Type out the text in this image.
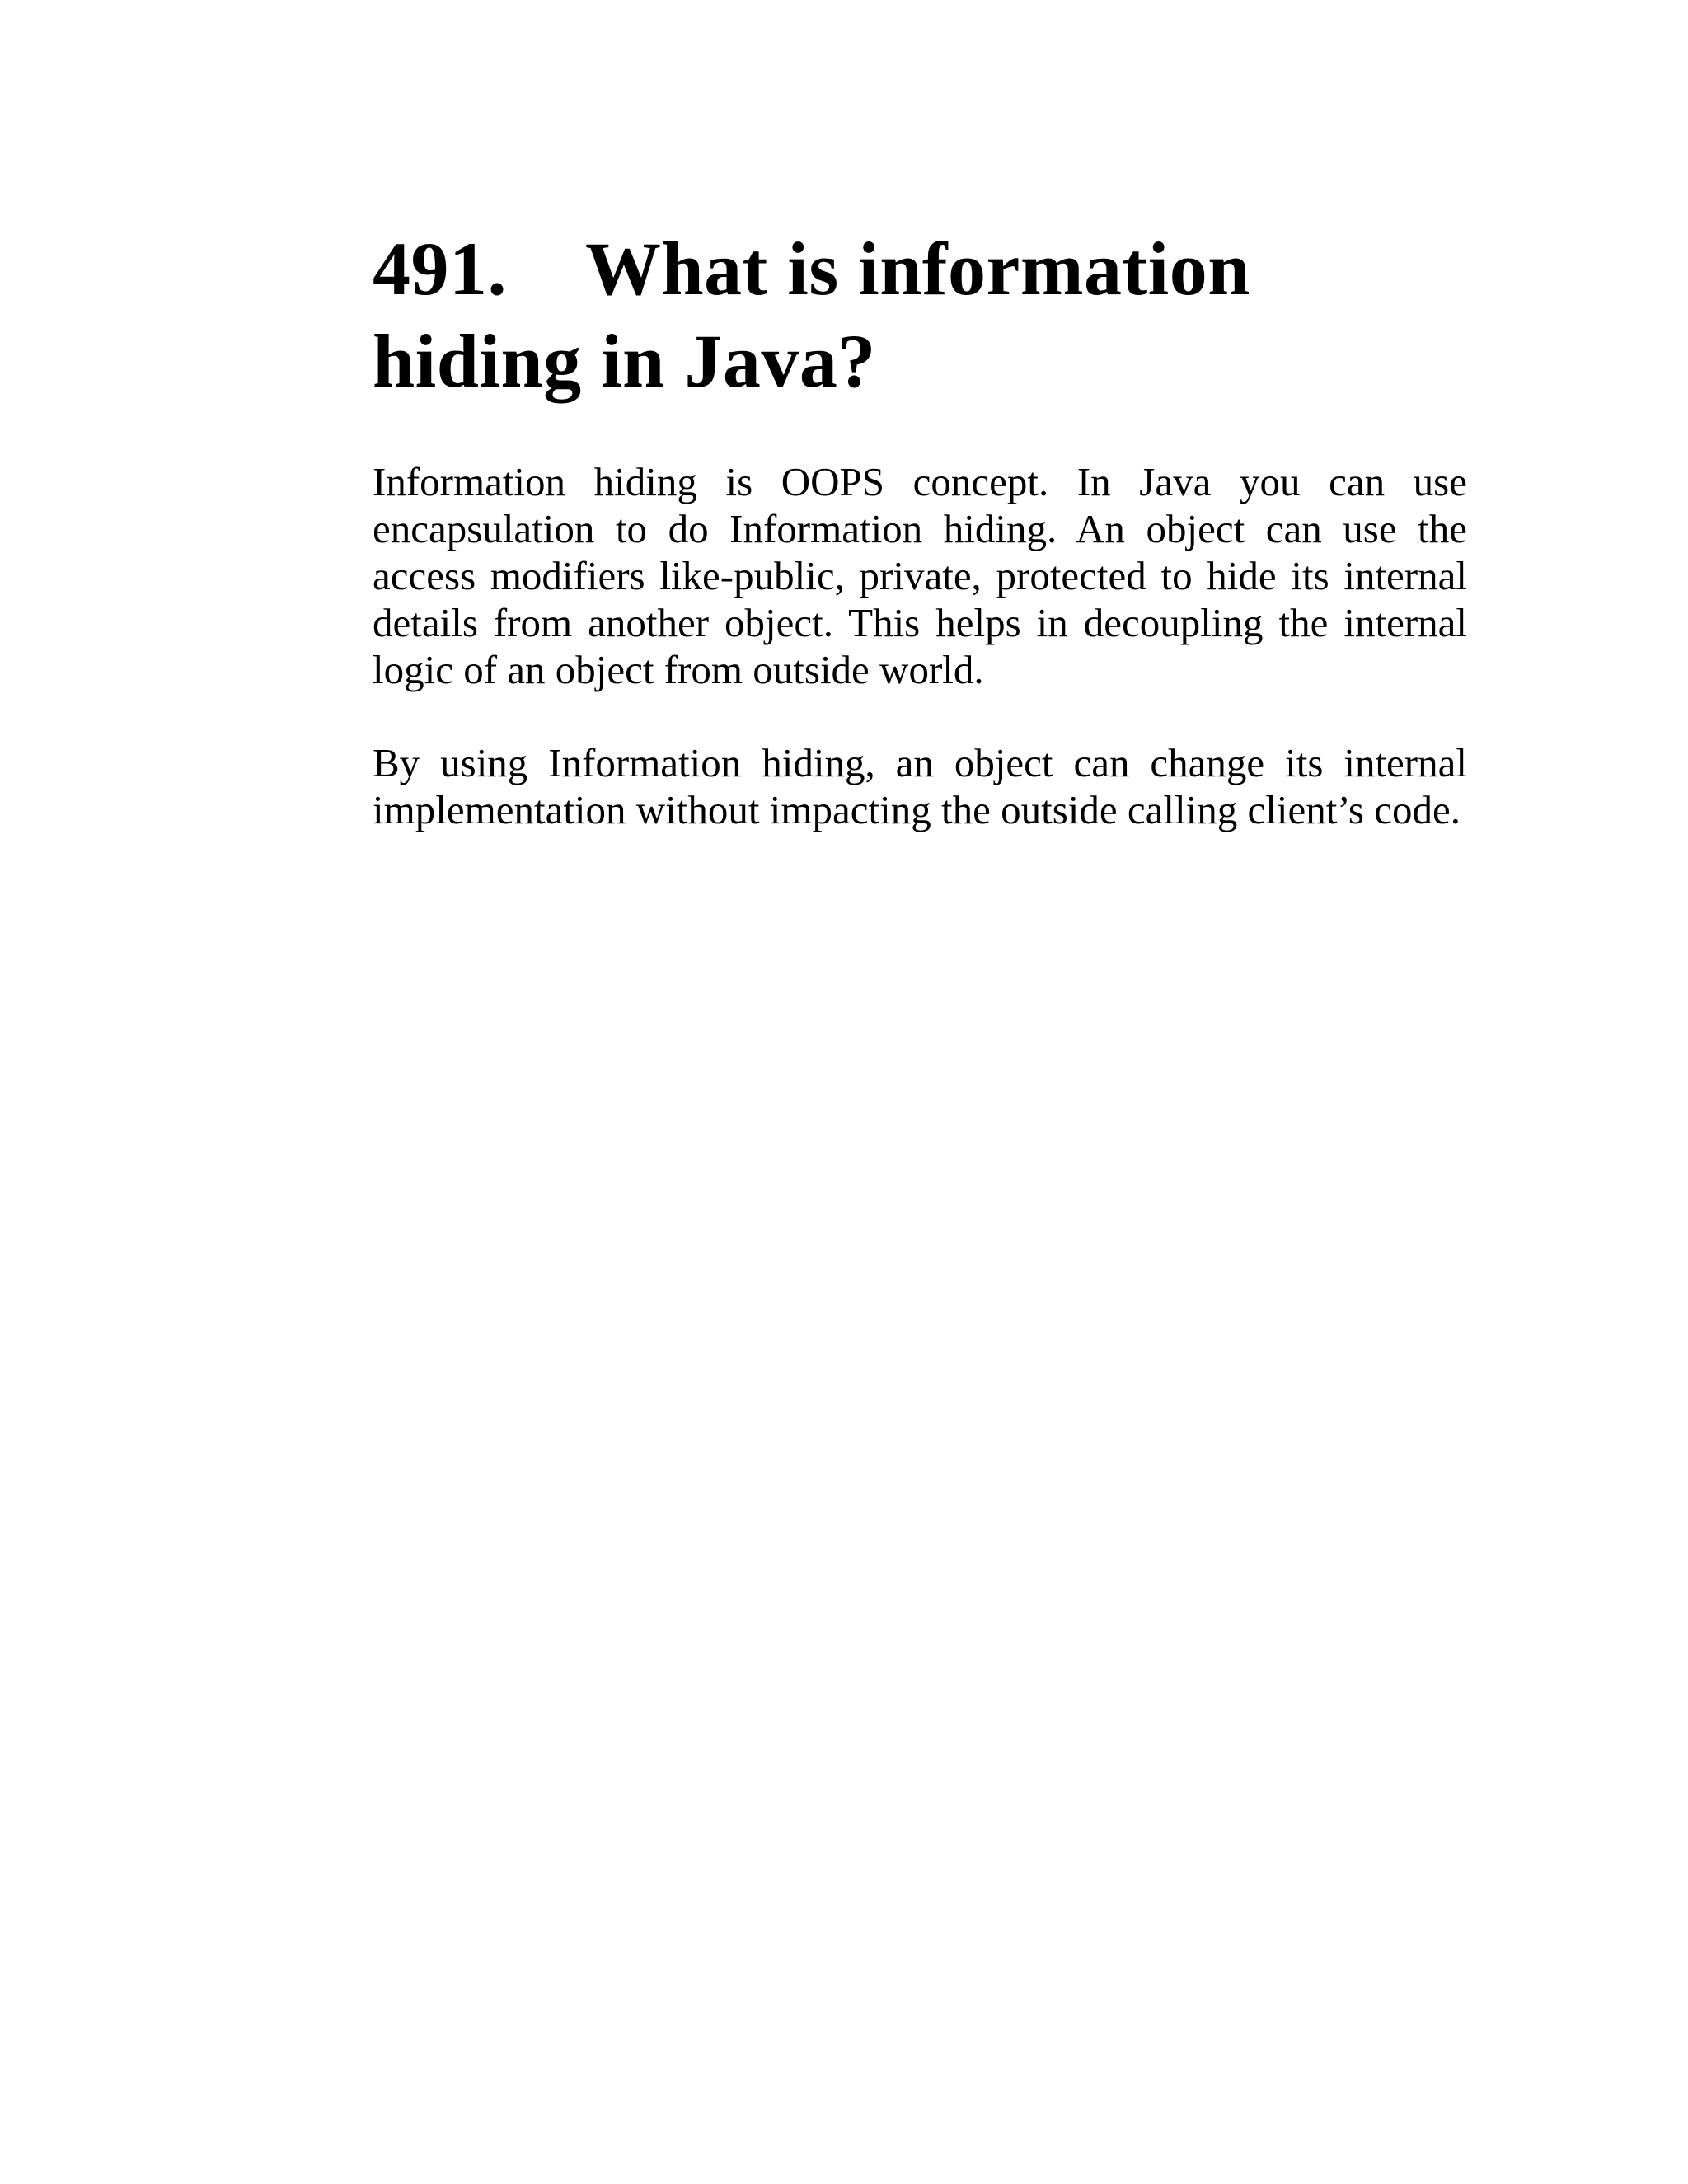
491. What is information hiding in Java?

Information hiding is OOPS concept. In Java you can use encapsulation to do Information hiding. An object can use the access modifiers like-public, private, protected to hide its internal details from another object. This helps in decoupling the internal logic of an object from outside world.

By using Information hiding, an object can change its internal implementation without impacting the outside calling client’s code.
